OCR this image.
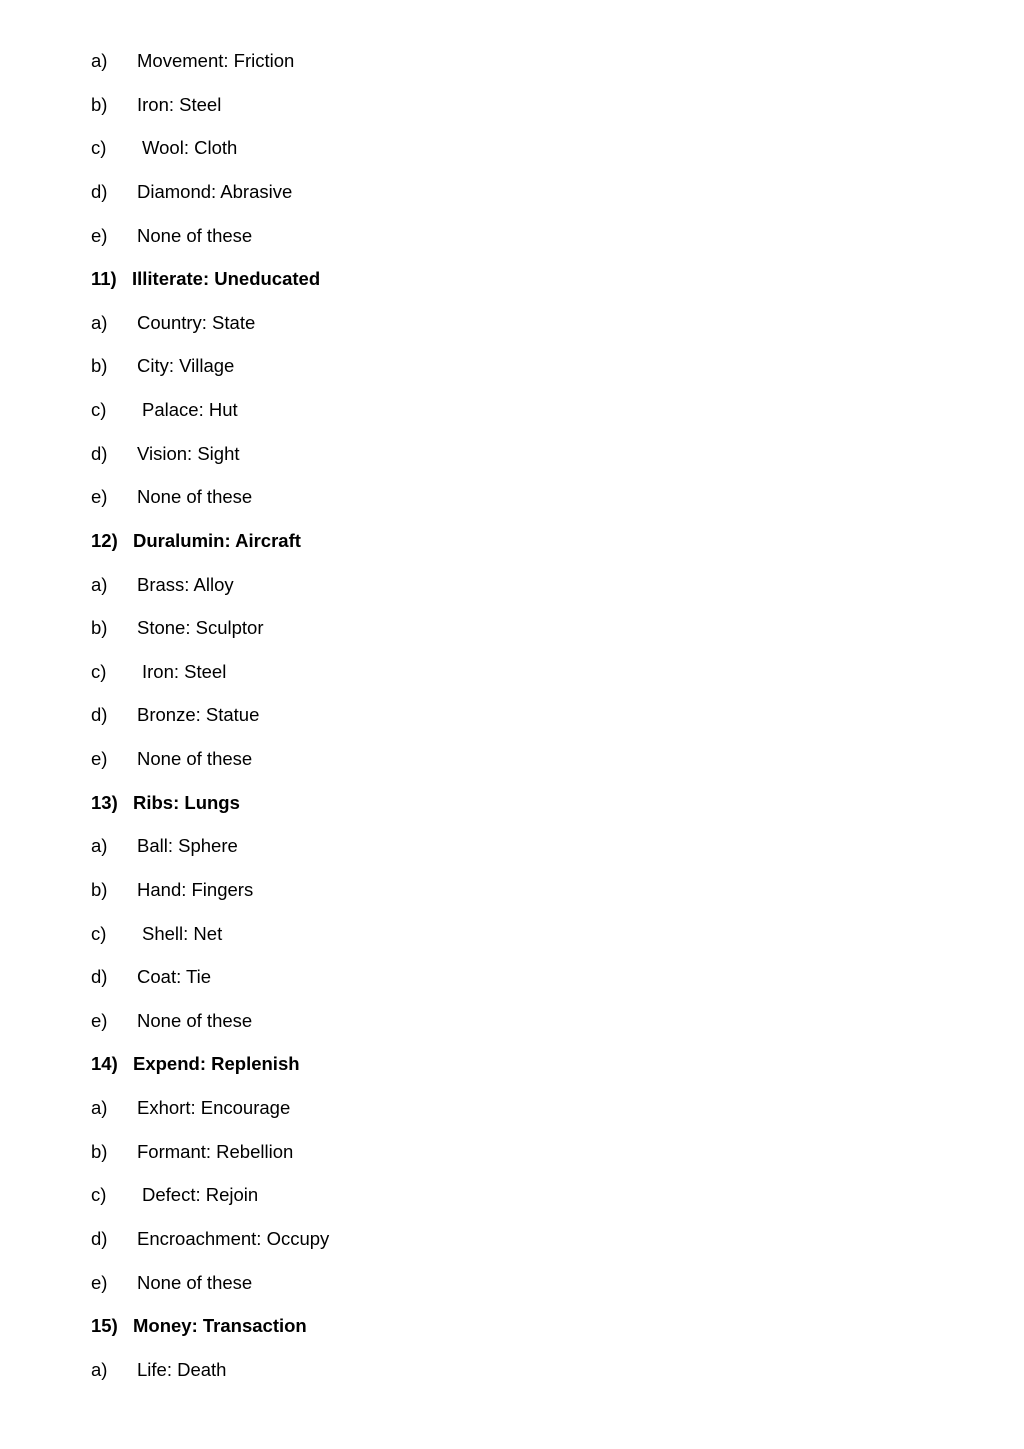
a)	Movement: Friction
b)	Iron: Steel
c)	Wool: Cloth
d)	Diamond: Abrasive
e)	None of these
11) Illiterate: Uneducated
a)	Country: State
b)	City: Village
c)	Palace: Hut
d)	Vision: Sight
e)	None of these
12) Duralumin: Aircraft
a)	Brass: Alloy
b)	Stone: Sculptor
c)	Iron: Steel
d)	Bronze: Statue
e)	None of these
13) Ribs: Lungs
a)	Ball: Sphere
b)	Hand: Fingers
c)	Shell: Net
d)	Coat: Tie
e)	None of these
14) Expend: Replenish
a)	Exhort: Encourage
b)	Formant: Rebellion
c)	Defect: Rejoin
d)	Encroachment: Occupy
e)	None of these
15) Money: Transaction
a)	Life: Death
